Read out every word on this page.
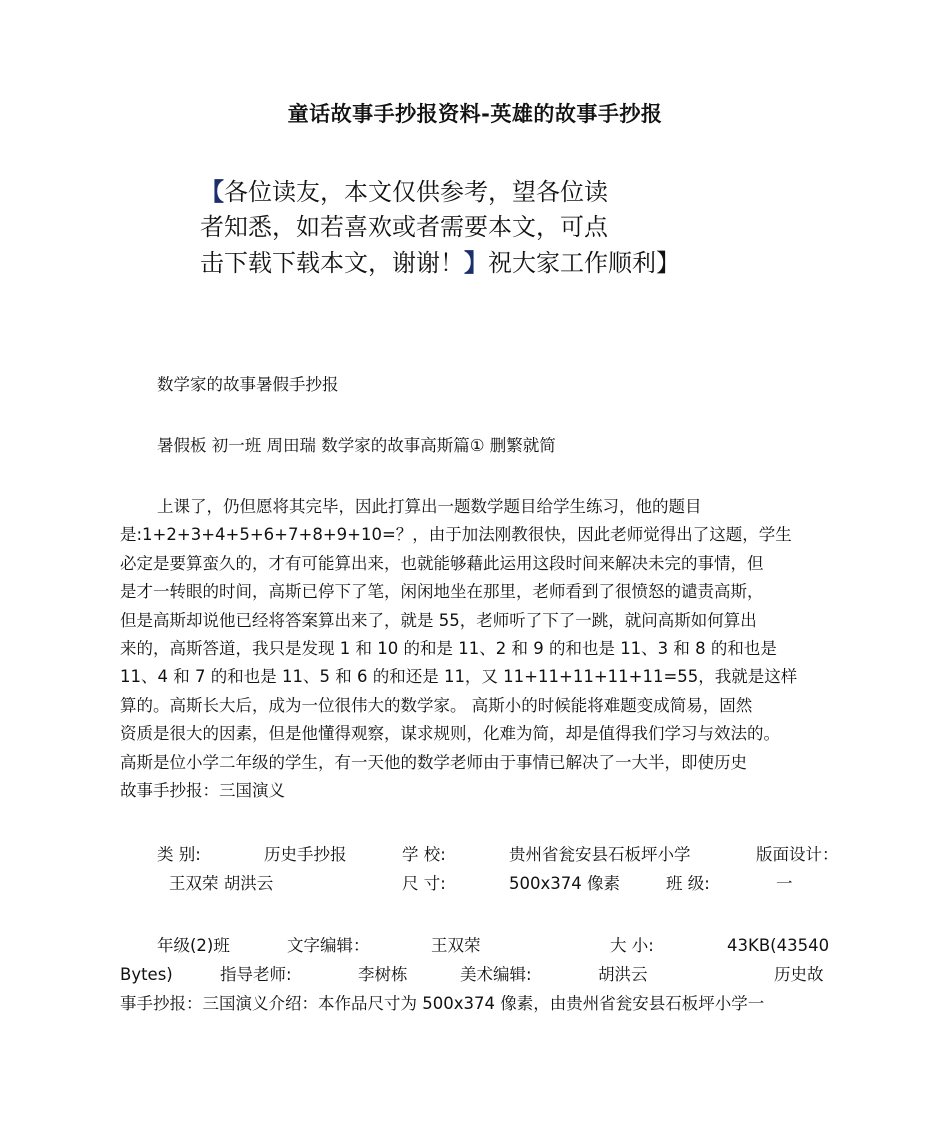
童话故事手抄报资料-英雄的故事手抄报
【各位读友，本文仅供参考，望各位读
者知悉，如若喜欢或者需要本文，可点
击下载下载本文，谢谢！】祝大家工作顺利】
数学家的故事暑假手抄报
暑假板 初一班 周田瑞 数学家的故事高斯篇① 删繁就简
上课了，仍但愿将其完毕，因此打算出一题数学题目给学生练习，他的题目
是:1+2+3+4+5+6+7+8+9+10=？，由于加法刚教很快，因此老师觉得出了这题，学生
必定是要算蛮久的，才有可能算出来，也就能够藉此运用这段时间来解决未完的事情，但
是才一转眼的时间，高斯已停下了笔，闲闲地坐在那里，老师看到了很愤怒的谴责高斯，
但是高斯却说他已经将答案算出来了，就是 55，老师听了下了一跳，就问高斯如何算出
来的，高斯答道，我只是发现 1 和 10 的和是 11、2 和 9 的和也是 11、3 和 8 的和也是
11、4 和 7 的和也是 11、5 和 6 的和还是 11，又 11+11+11+11+11=55，我就是这样
算的。高斯长大后，成为一位很伟大的数学家。 高斯小的时候能将难题变成简易，固然
资质是很大的因素，但是他懂得观察，谋求规则，化难为简，却是值得我们学习与效法的。
高斯是位小学二年级的学生，有一天他的数学老师由于事情已解决了一大半，即使历史
故事手抄报：三国演义
类 别:	历史手抄报	学 校:	贵州省瓮安县石板坪小学	版面设计：
王双荣 胡洪云	尺 寸:	500x374 像素	班 级:	一
年级(2)班	文字编辑：	王双荣	大 小:	43KB(43540
Bytes)	指导老师:	李树栋	美术编辑:	胡洪云	历史故
事手抄报：三国演义介绍：本作品尺寸为 500x374 像素，由贵州省瓮安县石板坪小学一
